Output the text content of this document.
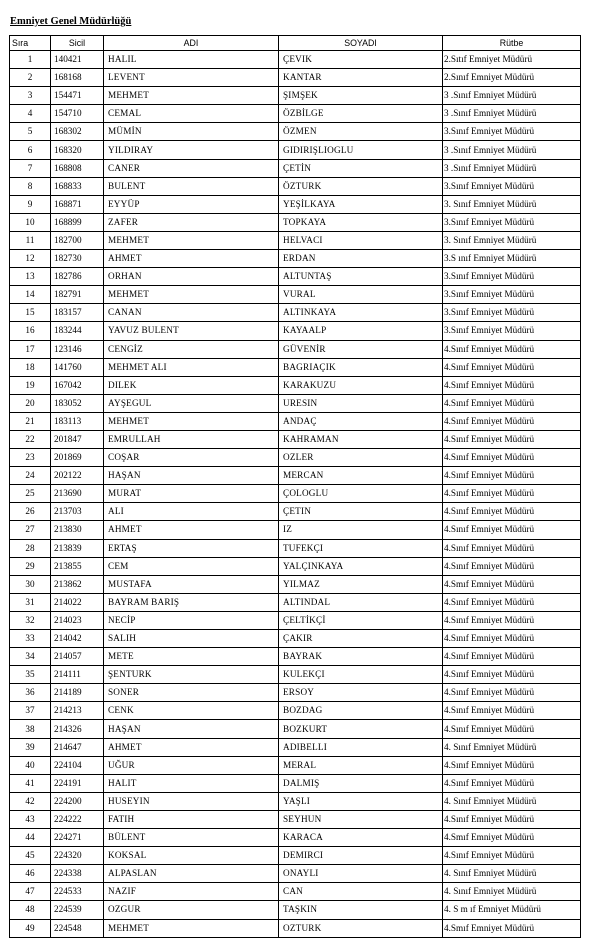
Emniyet Genel Müdürlüğü
Sıra	Sicil	ADI	SOYADI	Rütbe
1	140421	HALIL	ÇEVIK	2.Sıtıf Emniyet Müdürü
2	168168	LEVENT	KANTAR	2.Sınıf Emniyet Müdürü
3	154471	MEHMET	ŞIMŞEK	3 .Sınıf Emniyet Müdürü
4	154710	CEMAL	ÖZBİLGE	3 .Sınıf Emniyet Müdürü
5	168302	MÜMİN	ÖZMEN	3.Sınıf Emniyet Müdürü
6	168320	YILDIRAY	GIDIRIŞLIOGLU	3 .Sınıf Emniyet Müdürü
7	168808	CANER	ÇETİN	3 .Sınıf Emniyet Müdürü
8	168833	BULENT	ÖZTURK	3.Sınıf Emniyet Müdürü
9	168871	EYYÜP	YEŞİLKAYA	3. Sınıf Emniyet Müdürü
10	168899	ZAFER	TOPKAYA	3.Sınıf Emniyet Müdürü
11	182700	MEHMET	HELVACI	3. Sınıf Emniyet Müdürü
12	182730	AHMET	ERDAN	3.S ınıf Emniyet Müdürü
13	182786	ORHAN	ALTUNTAŞ	3.Sınıf Emniyet Müdürü
14	182791	MEHMET	VURAL	3.Sınıf Emniyet Müdürü
15	183157	CANAN	ALTINKAYA	3.Sınıf Emniyet Müdürü
16	183244	YAVUZ BULENT	KAYAALP	3.Sınıf Emniyet Müdürü
17	123146	CENGİZ	GÜVENİR	4.Sınıf Emniyet Müdürü
18	141760	MEHMET ALI	BAGRIAÇIK	4.Sınıf Emniyet Müdürü
19	167042	DILEK	KARAKUZU	4.Sınıf Emniyet Müdürü
20	183052	AYŞEGUL	URESIN	4.Sınıf Emniyet Müdürü
21	183113	MEHMET	ANDAÇ	4.Sınıf Emniyet Müdürü
22	201847	EMRULLAH	KAHRAMAN	4.Sınıf Emniyet Müdürü
23	201869	COŞAR	OZLER	4.Sınıf Emniyet Müdürü
24	202122	HAŞAN	MERCAN	4.Sınıf Emniyet Müdürü
25	213690	MURAT	ÇOLOGLU	4.Sınıf Emniyet Müdürü
26	213703	ALI	ÇETIN	4.Sınıf Emniyet Müdürü
27	213830	AHMET	IZ	4.Sınıf Emniyet Müdürü
28	213839	ERTAŞ	TUFEKÇI	4.Sınıf Emniyet Müdürü
29	213855	CEM	YALÇINKAYA	4.Sınıf Emniyet Müdürü
30	213862	MUSTAFA	YILMAZ	4.Smıf Emniyet Müdürü
31	214022	BAYRAM BARIŞ	ALTINDAL	4.Sınıf Emniyet Müdürü
32	214023	NECİP	ÇELTİKÇİ	4.Sınıf Emniyet Müdürü
33	214042	SALIH	ÇAKIR	4.Sınıf Emniyet Müdürü
34	214057	METE	BAYRAK	4.Sınıf Emniyet Müdürü
35	214111	ŞENTURK	KULEKÇI	4.Sınıf Emniyet Müdürü
36	214189	SONER	ERSOY	4.Sınıf Emniyet Müdürü
37	214213	CENK	BOZDAG	4.Sınıf Emniyet Müdürü
38	214326	HAŞAN	BOZKURT	4.Sınıf Emniyet Müdürü
39	214647	AHMET	ADIBELLI	4. Sınıf Emniyet Müdürü
40	224104	UĞUR	MERAL	4.Sınıf Emniyet Müdürü
41	224191	HALIT	DALMIŞ	4.Sınıf Emniyet Müdürü
42	224200	HUSEYIN	YAŞLI	4. Sınıf Emniyet Müdürü
43	224222	FATIH	SEYHUN	4.Sınıf Emniyet Müdürü
44	224271	BÜLENT	KARACA	4.Smıf Emniyet Müdürü
45	224320	KOKSAL	DEMIRCI	4.Sınıf Emniyet Müdürü
46	224338	ALPASLAN	ONAYLI	4. Sınıf Emniyet Müdürü
47	224533	NAZIF	CAN	4. Sınıf Emniyet Müdürü
48	224539	OZGUR	TAŞKIN	4. S m ıf Emniyet Müdürü
49	224548	MEHMET	OZTURK	4.Smıf Emniyet Müdürü
